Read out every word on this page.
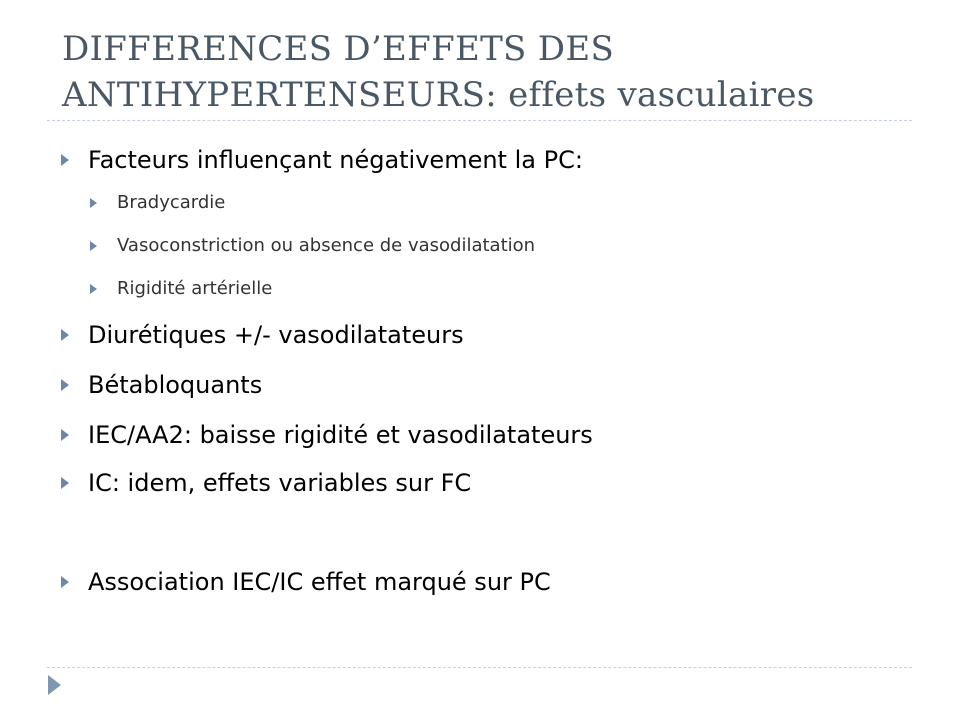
DIFFERENCES D’EFFETS DES
ANTIHYPERTENSEURS: effets vasculaires
Facteurs influençant négativement la PC:
Bradycardie
Vasoconstriction ou absence de vasodilatation
Rigidité artérielle
Diurétiques +/- vasodilatateurs
Bétabloquants
IEC/AA2: baisse rigidité et vasodilatateurs
IC: idem, effets variables sur FC
Association IEC/IC effet marqué sur PC
